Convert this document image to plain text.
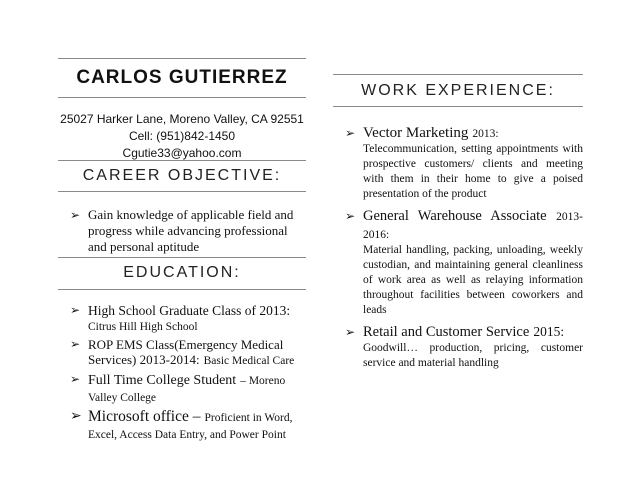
CARLOS GUTIERREZ
25027 Harker Lane, Moreno Valley, CA 92551
Cell: (951)842-1450
Cgutie33@yahoo.com
CAREER OBJECTIVE:
➢ Gain knowledge of applicable field and progress while advancing professional and personal aptitude
EDUCATION:
➢ High School Graduate Class of 2013:
Citrus Hill High School
➢ ROP EMS Class(Emergency Medical Services) 2013-2014: Basic Medical Care
➢ Full Time College Student – Moreno Valley College
➢ Microsoft office – Proficient in Word, Excel, Access Data Entry, and Power Point
WORK EXPERIENCE:
➢ Vector Marketing 2013:
Telecommunication, setting appointments with prospective customers/ clients and meeting with them in their home to give a poised presentation of the product
➢ General Warehouse Associate 2013-2016:
Material handling, packing, unloading, weekly custodian, and maintaining general cleanliness of work area as well as relaying information throughout facilities between coworkers and leads
➢ Retail and Customer Service 2015:
Goodwill… production, pricing, customer service and material handling
